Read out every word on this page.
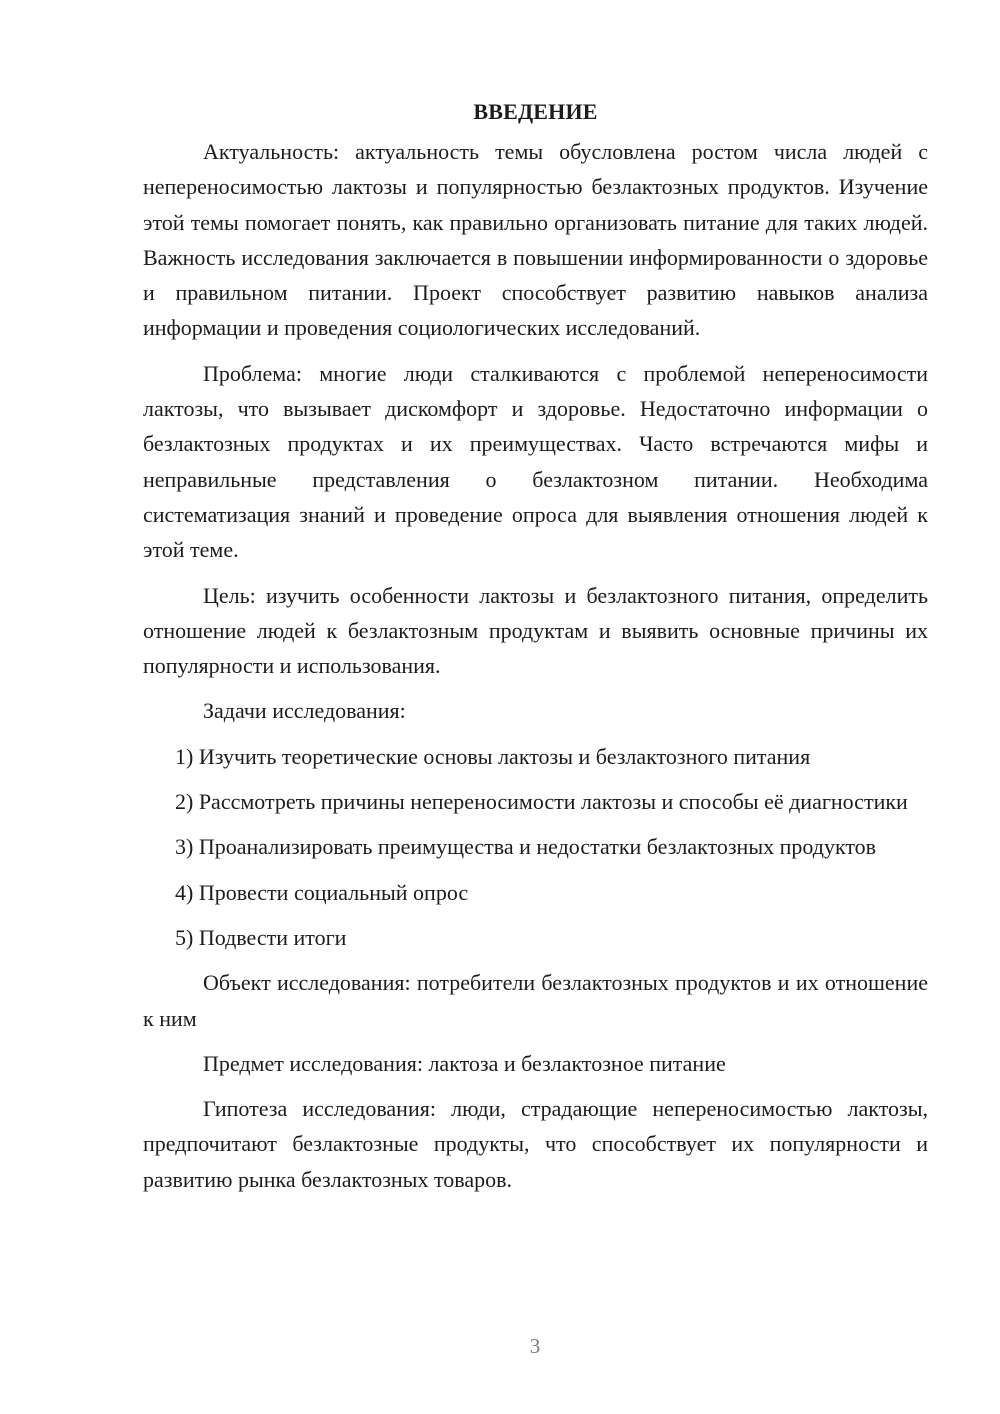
ВВЕДЕНИЕ

Актуальность: актуальность темы обусловлена ростом числа людей с непереносимостью лактозы и популярностью безлактозных продуктов. Изучение этой темы помогает понять, как правильно организовать питание для таких людей. Важность исследования заключается в повышении информированности о здоровье и правильном питании. Проект способствует развитию навыков анализа информации и проведения социологических исследований.

Проблема: многие люди сталкиваются с проблемой непереносимости лактозы, что вызывает дискомфорт и здоровье. Недостаточно информации о безлактозных продуктах и их преимуществах. Часто встречаются мифы и неправильные представления о безлактозном питании. Необходима систематизация знаний и проведение опроса для выявления отношения людей к этой теме.

Цель: изучить особенности лактозы и безлактозного питания, определить отношение людей к безлактозным продуктам и выявить основные причины их популярности и использования.

Задачи исследования:

1) Изучить теоретические основы лактозы и безлактозного питания

2) Рассмотреть причины непереносимости лактозы и способы её диагностики

3) Проанализировать преимущества и недостатки безлактозных продуктов

4) Провести социальный опрос

5) Подвести итоги

Объект исследования: потребители безлактозных продуктов и их отношение к ним

Предмет исследования: лактоза и безлактозное питание

Гипотеза исследования: люди, страдающие непереносимостью лактозы, предпочитают безлактозные продукты, что способствует их популярности и развитию рынка безлактозных товаров.

3
